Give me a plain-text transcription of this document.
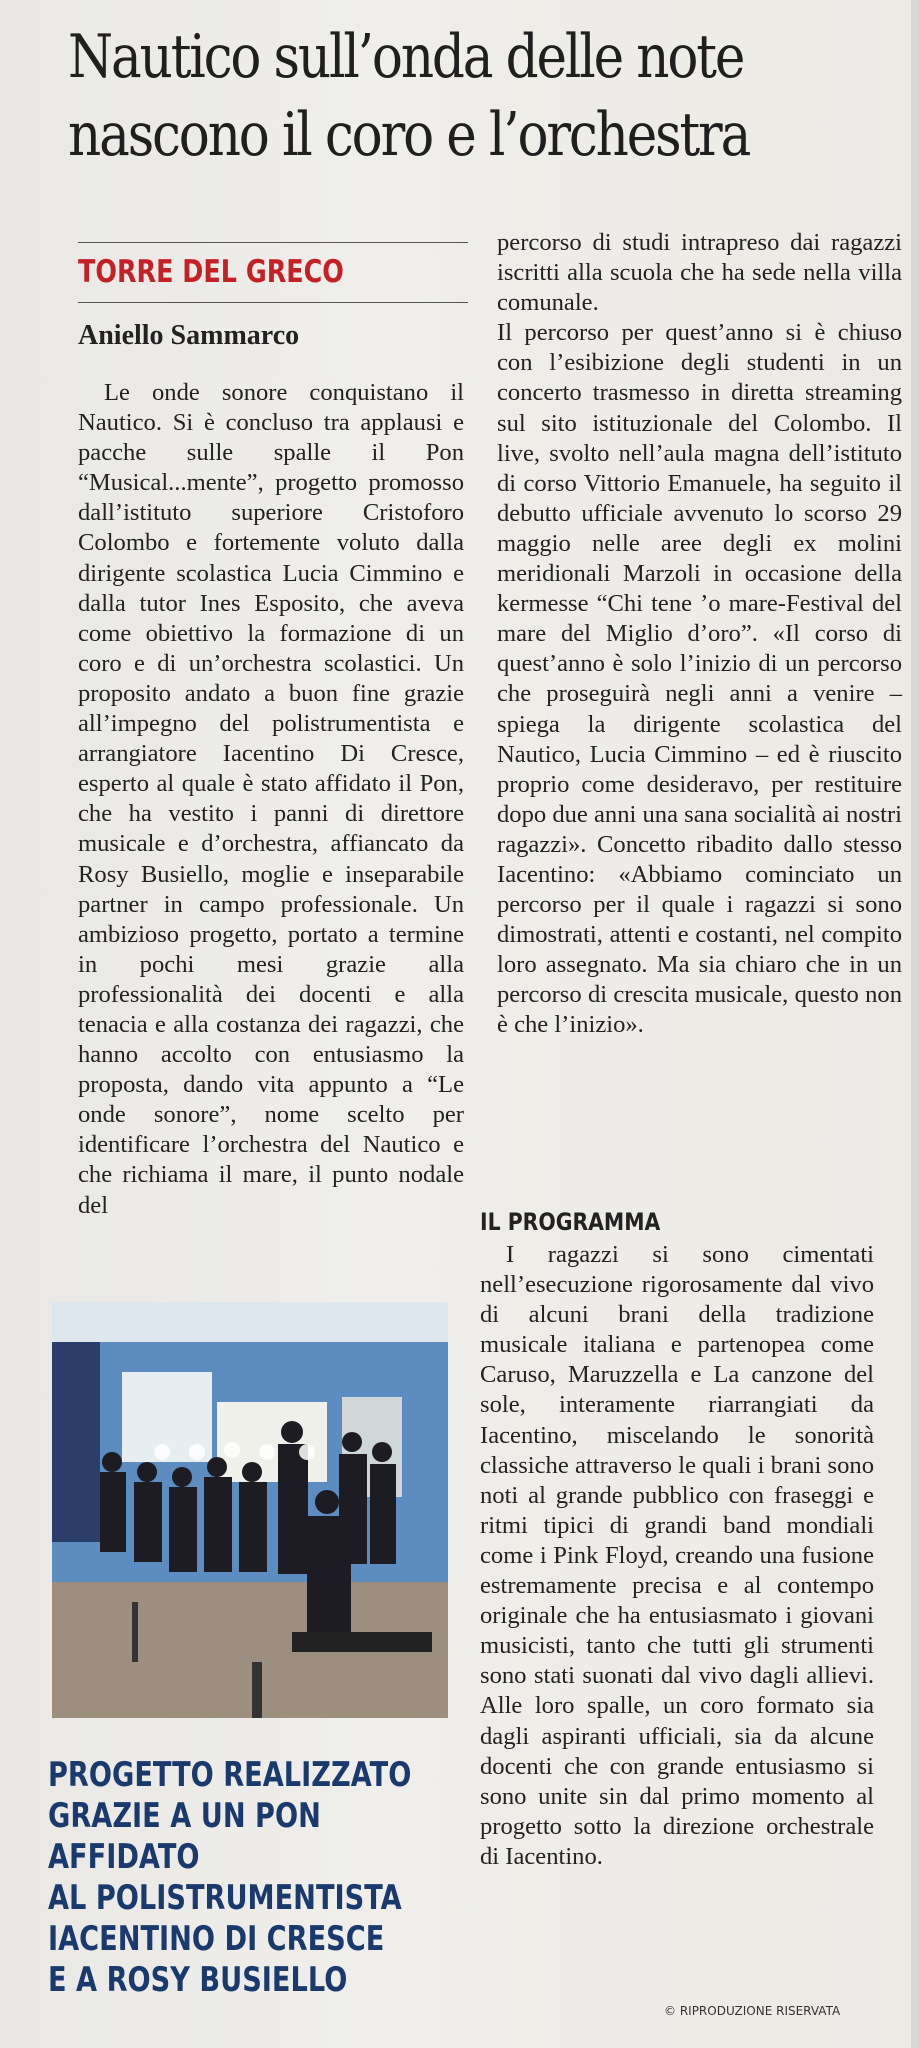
Nautico sull’onda delle note
nascono il coro e l’orchestra
TORRE DEL GRECO
Aniello Sammarco

Le onde sonore conquistano il Nautico. Si è concluso tra applausi e pacche sulle spalle il Pon “Musical...mente”, progetto promosso dall’istituto superiore Cristoforo Colombo e fortemente voluto dalla dirigente scolastica Lucia Cimmino e dalla tutor Ines Esposito, che aveva come obiettivo la formazione di un coro e di un’orchestra scolastici. Un proposito andato a buon fine grazie all’impegno del polistrumentista e arrangiatore Iacentino Di Cresce, esperto al quale è stato affidato il Pon, che ha vestito i panni di direttore musicale e d’orchestra, affiancato da Rosy Busiello, moglie e inseparabile partner in campo professionale. Un ambizioso progetto, portato a termine in pochi mesi grazie alla professionalità dei docenti e alla tenacia e alla costanza dei ragazzi, che hanno accolto con entusiasmo la proposta, dando vita appunto a “Le onde sonore”, nome scelto per identificare l’orchestra del Nautico e che richiama il mare, il punto nodale del

percorso di studi intrapreso dai ragazzi iscritti alla scuola che ha sede nella villa comunale.

Il percorso per quest’anno si è chiuso con l’esibizione degli studenti in un concerto trasmesso in diretta streaming sul sito istituzionale del Colombo. Il live, svolto nell’aula magna dell’istituto di corso Vittorio Emanuele, ha seguito il debutto ufficiale avvenuto lo scorso 29 maggio nelle aree degli ex molini meridionali Marzoli in occasione della kermesse “Chi tene ’o mare-Festival del mare del Miglio d’oro”. «Il corso di quest’anno è solo l’inizio di un percorso che proseguirà negli anni a venire – spiega la dirigente scolastica del Nautico, Lucia Cimmino – ed è riuscito proprio come desideravo, per restituire dopo due anni una sana socialità ai nostri ragazzi». Concetto ribadito dallo stesso Iacentino: «Abbiamo cominciato un percorso per il quale i ragazzi si sono dimostrati, attenti e costanti, nel compito loro assegnato. Ma sia chiaro che in un percorso di crescita musicale, questo non è che l’inizio».

IL PROGRAMMA

I ragazzi si sono cimentati nell’esecuzione rigorosamente dal vivo di alcuni brani della tradizione musicale italiana e partenopea come Caruso, Maruzzella e La canzone del sole, interamente riarrangiati da Iacentino, miscelando le sonorità classiche attraverso le quali i brani sono noti al grande pubblico con fraseggi e ritmi tipici di grandi band mondiali come i Pink Floyd, creando una fusione estremamente precisa e al contempo originale che ha entusiasmato i giovani musicisti, tanto che tutti gli strumenti sono stati suonati dal vivo dagli allievi. Alle loro spalle, un coro formato sia dagli aspiranti ufficiali, sia da alcune docenti che con grande entusiasmo si sono unite sin dal primo momento al progetto sotto la direzione orchestrale di Iacentino.

PROGETTO REALIZZATO
GRAZIE A UN PON
AFFIDATO
AL POLISTRUMENTISTA
IACENTINO DI CRESCE
E A ROSY BUSIELLO
© RIPRODUZIONE RISERVATA
